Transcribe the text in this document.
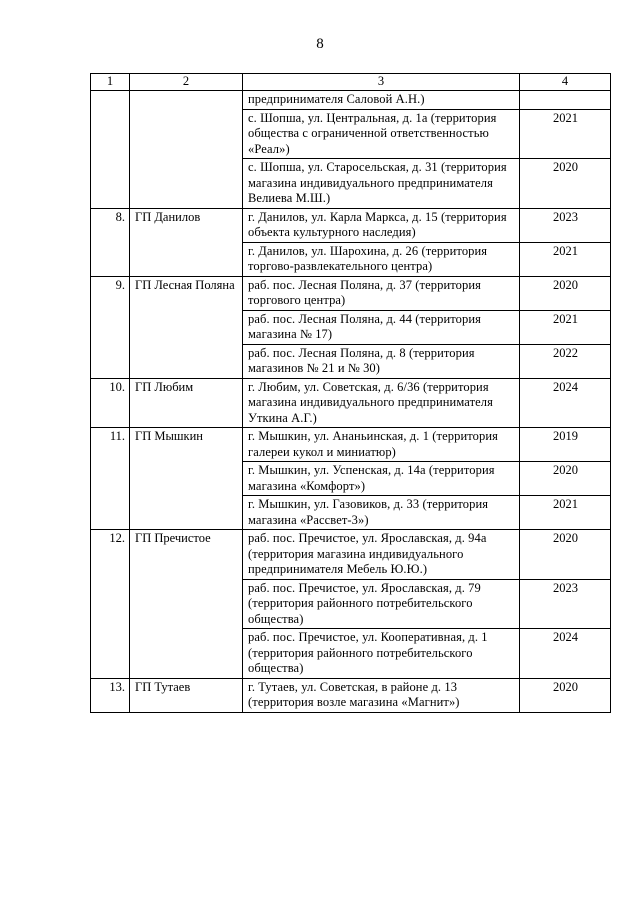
8
1	2	3	4
		предпринимателя Саловой А.Н.)	
		с. Шопша, ул. Центральная, д. 1а (территория общества с ограниченной ответственностью «Реал»)	2021
		с. Шопша, ул. Старосельская, д. 31 (территория магазина индивидуального предпринимателя Велиева М.Ш.)	2020
8.	ГП Данилов	г. Данилов, ул. Карла Маркса, д. 15 (территория объекта культурного наследия)	2023
		г. Данилов, ул. Шарохина, д. 26 (территория торгово-развлекательного центра)	2021
9.	ГП Лесная Поляна	раб. пос. Лесная Поляна, д. 37 (территория торгового центра)	2020
		раб. пос. Лесная Поляна, д. 44 (территория магазина № 17)	2021
		раб. пос. Лесная Поляна, д. 8 (территория магазинов № 21 и № 30)	2022
10.	ГП Любим	г. Любим, ул. Советская, д. 6/36 (территория магазина индивидуального предпринимателя Уткина А.Г.)	2024
11.	ГП Мышкин	г. Мышкин, ул. Ананьинская, д. 1 (территория галереи кукол и миниатюр)	2019
		г. Мышкин, ул. Успенская, д. 14а (территория магазина «Комфорт»)	2020
		г. Мышкин, ул. Газовиков, д. 33 (территория магазина «Рассвет-3»)	2021
12.	ГП Пречистое	раб. пос. Пречистое, ул. Ярославская, д. 94а (территория магазина индивидуального предпринимателя Мебель Ю.Ю.)	2020
		раб. пос. Пречистое, ул. Ярославская, д. 79 (территория районного потребительского общества)	2023
		раб. пос. Пречистое, ул. Кооперативная, д. 1 (территория районного потребительского общества)	2024
13.	ГП Тутаев	г. Тутаев, ул. Советская, в районе д. 13 (территория возле магазина «Магнит»)	2020
